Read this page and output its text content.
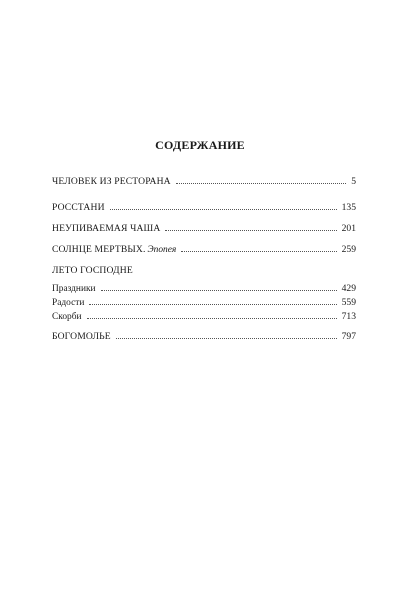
СОДЕРЖАНИЕ
ЧЕЛОВЕК ИЗ РЕСТОРАНА	5
РОССТАНИ	135
НЕУПИВАЕМАЯ ЧАША	201
СОЛНЦЕ МЕРТВЫХ. Эпопея	259
ЛЕТО ГОСПОДНЕ
Праздники	429
Радости	559
Скорби	713
БОГОМОЛЬЕ	797
